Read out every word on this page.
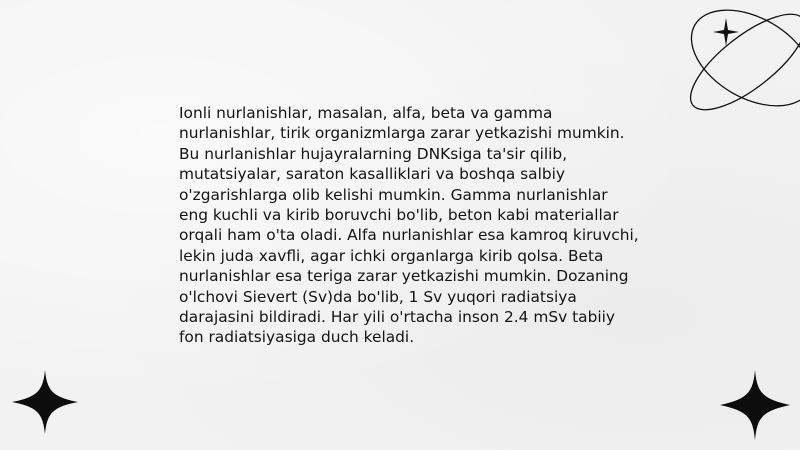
Ionli nurlanishlar, masalan, alfa, beta va gamma nurlanishlar, tirik organizmlarga zarar yetkazishi mumkin. Bu nurlanishlar hujayralarning DNKsiga ta'sir qilib, mutatsiyalar, saraton kasalliklari va boshqa salbiy o'zgarishlarga olib kelishi mumkin. Gamma nurlanishlar eng kuchli va kirib boruvchi bo'lib, beton kabi materiallar orqali ham o'ta oladi. Alfa nurlanishlar esa kamroq kiruvchi, lekin juda xavfli, agar ichki organlarga kirib qolsa. Beta nurlanishlar esa teriga zarar yetkazishi mumkin. Dozaning o'lchovi Sievert (Sv)da bo'lib, 1 Sv yuqori radiatsiya darajasini bildiradi. Har yili o'rtacha inson 2.4 mSv tabiiy fon radiatsiyasiga duch keladi.
